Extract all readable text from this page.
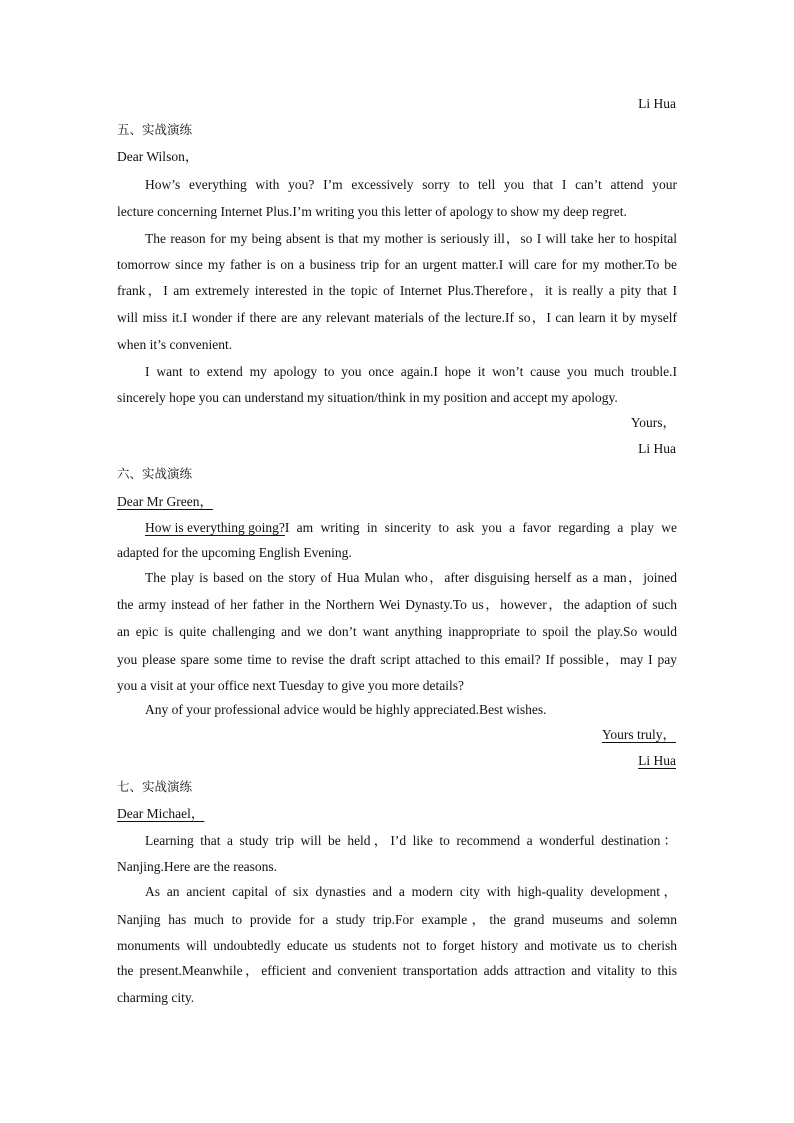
Li Hua
五、实战演练
Dear Wilson，
How’s everything with you? I’m excessively sorry to tell you that I can’t attend your
lecture concerning Internet Plus.I’m writing you this letter of apology to show my deep regret.
The reason for my being absent is that my mother is seriously ill，so I will take her to hospital
tomorrow since my father is on a business trip for an urgent matter.I will care for my mother.To be
frank，I am extremely interested in the topic of Internet Plus.Therefore，it is really a pity that I
will miss it.I wonder if there are any relevant materials of the lecture.If so，I can learn it by myself
when it’s convenient.
I want to extend my apology to you once again.I hope it won’t cause you much trouble.I
sincerely hope you can understand my situation/think in my position and accept my apology.
Yours，
Li Hua
六、实战演练
Dear Mr Green，
How is everything going? I am writing in sincerity to ask you a favor regarding a play we
adapted for the upcoming English Evening.
The play is based on the story of Hua Mulan who，after disguising herself as a man，joined
the army instead of her father in the Northern Wei Dynasty.To us，however，the adaption of such
an epic is quite challenging and we don’t want anything inappropriate to spoil the play.So would
you please spare some time to revise the draft script attached to this email? If possible，may I pay
you a visit at your office next Tuesday to give you more details?
Any of your professional advice would be highly appreciated.Best wishes.
Yours truly，
Li Hua
七、实战演练
Dear Michael，
Learning that a study trip will be held，I’d like to recommend a wonderful destination：
Nanjing.Here are the reasons.
As an ancient capital of six dynasties and a modern city with high-quality development，
Nanjing has much to provide for a study trip.For example，the grand museums and solemn
monuments will undoubtedly educate us students not to forget history and motivate us to cherish
the present.Meanwhile，efficient and convenient transportation adds attraction and vitality to this
charming city.
